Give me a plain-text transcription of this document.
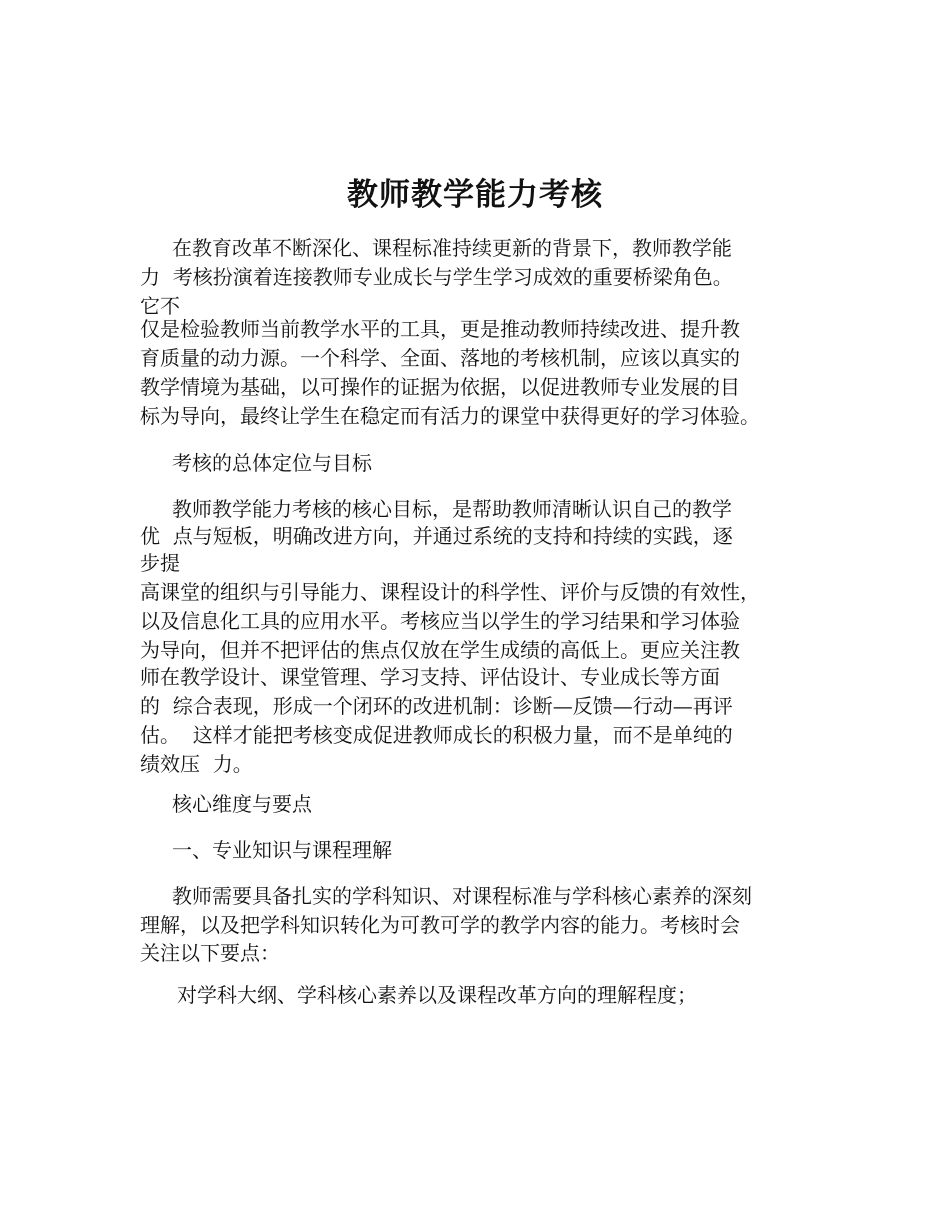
教师教学能力考核
在教育改革不断深化、课程标准持续更新的背景下，教师教学能
力  考核扮演着连接教师专业成长与学生学习成效的重要桥梁角色。
它不
仅是检验教师当前教学水平的工具，更是推动教师持续改进、提升教
育质量的动力源。一个科学、全面、落地的考核机制，应该以真实的
教学情境为基础，以可操作的证据为依据，以促进教师专业发展的目
标为导向，最终让学生在稳定而有活力的课堂中获得更好的学习体验。
考核的总体定位与目标
教师教学能力考核的核心目标，是帮助教师清晰认识自己的教学
优  点与短板，明确改进方向，并通过系统的支持和持续的实践，逐
步提
高课堂的组织与引导能力、课程设计的科学性、评价与反馈的有效性，
以及信息化工具的应用水平。考核应当以学生的学习结果和学习体验
为导向，但并不把评估的焦点仅放在学生成绩的高低上。更应关注教
师在教学设计、课堂管理、学习支持、评估设计、专业成长等方面
的  综合表现，形成一个闭环的改进机制：诊断—反馈—行动—再评
估。  这样才能把考核变成促进教师成长的积极力量，而不是单纯的
绩效压  力。
核心维度与要点
一、专业知识与课程理解
教师需要具备扎实的学科知识、对课程标准与学科核心素养的深刻
理解，以及把学科知识转化为可教可学的教学内容的能力。考核时会
关注以下要点：
对学科大纲、学科核心素养以及课程改革方向的理解程度；
